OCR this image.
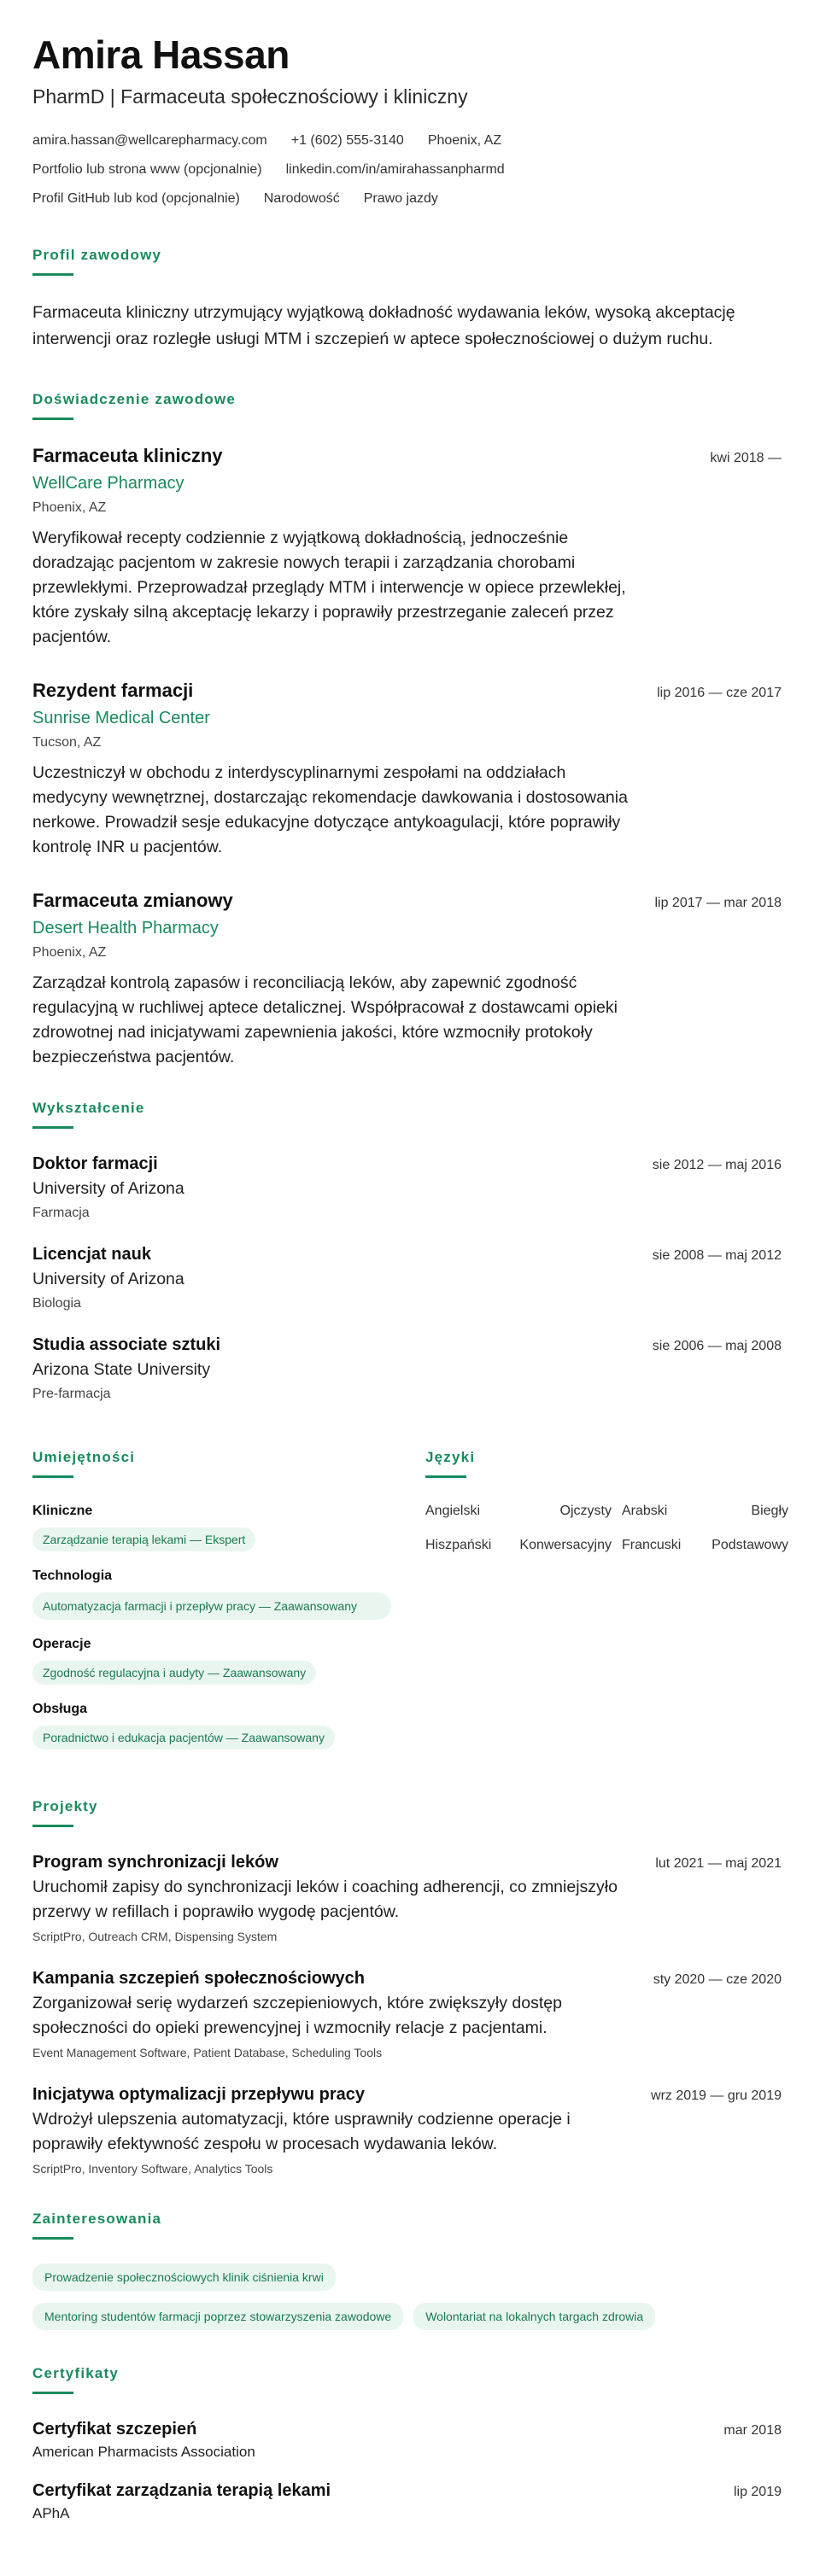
Amira Hassan
PharmD | Farmaceuta społecznościowy i kliniczny
amira.hassan@wellcarepharmacy.com +1 (602) 555-3140 Phoenix, AZ
Portfolio lub strona www (opcjonalnie) linkedin.com/in/amirahassanpharmd
Profil GitHub lub kod (opcjonalnie) Narodowość Prawo jazdy
Profil zawodowy

Farmaceuta kliniczny utrzymujący wyjątkową dokładność wydawania leków, wysoką akceptację interwencji oraz rozległe usługi MTM i szczepień w aptece społecznościowej o dużym ruchu.

Doświadczenie zawodowe
Farmaceuta kliniczny	kwi 2018 —
WellCare Pharmacy
Phoenix, AZ

Weryfikował recepty codziennie z wyjątkową dokładnością, jednocześnie doradzając pacjentom w zakresie nowych terapii i zarządzania chorobami przewlekłymi. Przeprowadzał przeglądy MTM i interwencje w opiece przewlekłej, które zyskały silną akceptację lekarzy i poprawiły przestrzeganie zaleceń przez pacjentów.

Rezydent farmacji	lip 2016 — cze 2017
Sunrise Medical Center
Tucson, AZ

Uczestniczył w obchodu z interdyscyplinarnymi zespołami na oddziałach medycyny wewnętrznej, dostarczając rekomendacje dawkowania i dostosowania nerkowe. Prowadził sesje edukacyjne dotyczące antykoagulacji, które poprawiły kontrolę INR u pacjentów.

Farmaceuta zmianowy	lip 2017 — mar 2018
Desert Health Pharmacy
Phoenix, AZ

Zarządzał kontrolą zapasów i reconciliacją leków, aby zapewnić zgodność regulacyjną w ruchliwej aptece detalicznej. Współpracował z dostawcami opieki zdrowotnej nad inicjatywami zapewnienia jakości, które wzmocniły protokoły bezpieczeństwa pacjentów.

Wykształcenie
Doktor farmacji	sie 2012 — maj 2016
University of Arizona
Farmacja
Licencjat nauk	sie 2008 — maj 2012
University of Arizona
Biologia
Studia associate sztuki	sie 2006 — maj 2008
Arizona State University
Pre-farmacja
Umiejętności
Kliniczne
Zarządzanie terapią lekami — Ekspert
Technologia
Automatyzacja farmacji i przepływ pracy — Zaawansowany
Operacje
Zgodność regulacyjna i audyty — Zaawansowany
Obsługa
Poradnictwo i edukacja pacjentów — Zaawansowany
Języki
Angielski	Ojczysty Arabski	Biegły
Hiszpański	Konwersacyjny Francuski	Podstawowy
Projekty
Program synchronizacji leków	lut 2021 — maj 2021

Uruchomił zapisy do synchronizacji leków i coaching adherencji, co zmniejszyło przerwy w refillach i poprawiło wygodę pacjentów.

ScriptPro, Outreach CRM, Dispensing System
Kampania szczepień społecznościowych	sty 2020 — cze 2020

Zorganizował serię wydarzeń szczepieniowych, które zwiększyły dostęp społeczności do opieki prewencyjnej i wzmocniły relacje z pacjentami.

Event Management Software, Patient Database, Scheduling Tools
Inicjatywa optymalizacji przepływu pracy	wrz 2019 — gru 2019

Wdrożył ulepszenia automatyzacji, które usprawniły codzienne operacje i poprawiły efektywność zespołu w procesach wydawania leków.

ScriptPro, Inventory Software, Analytics Tools
Zainteresowania
Prowadzenie społecznościowych klinik ciśnienia krwi
Mentoring studentów farmacji poprzez stowarzyszenia zawodowe	Wolontariat na lokalnych targach zdrowia
Certyfikaty
Certyfikat szczepień	mar 2018
American Pharmacists Association
Certyfikat zarządzania terapią lekami	lip 2019
APhA
